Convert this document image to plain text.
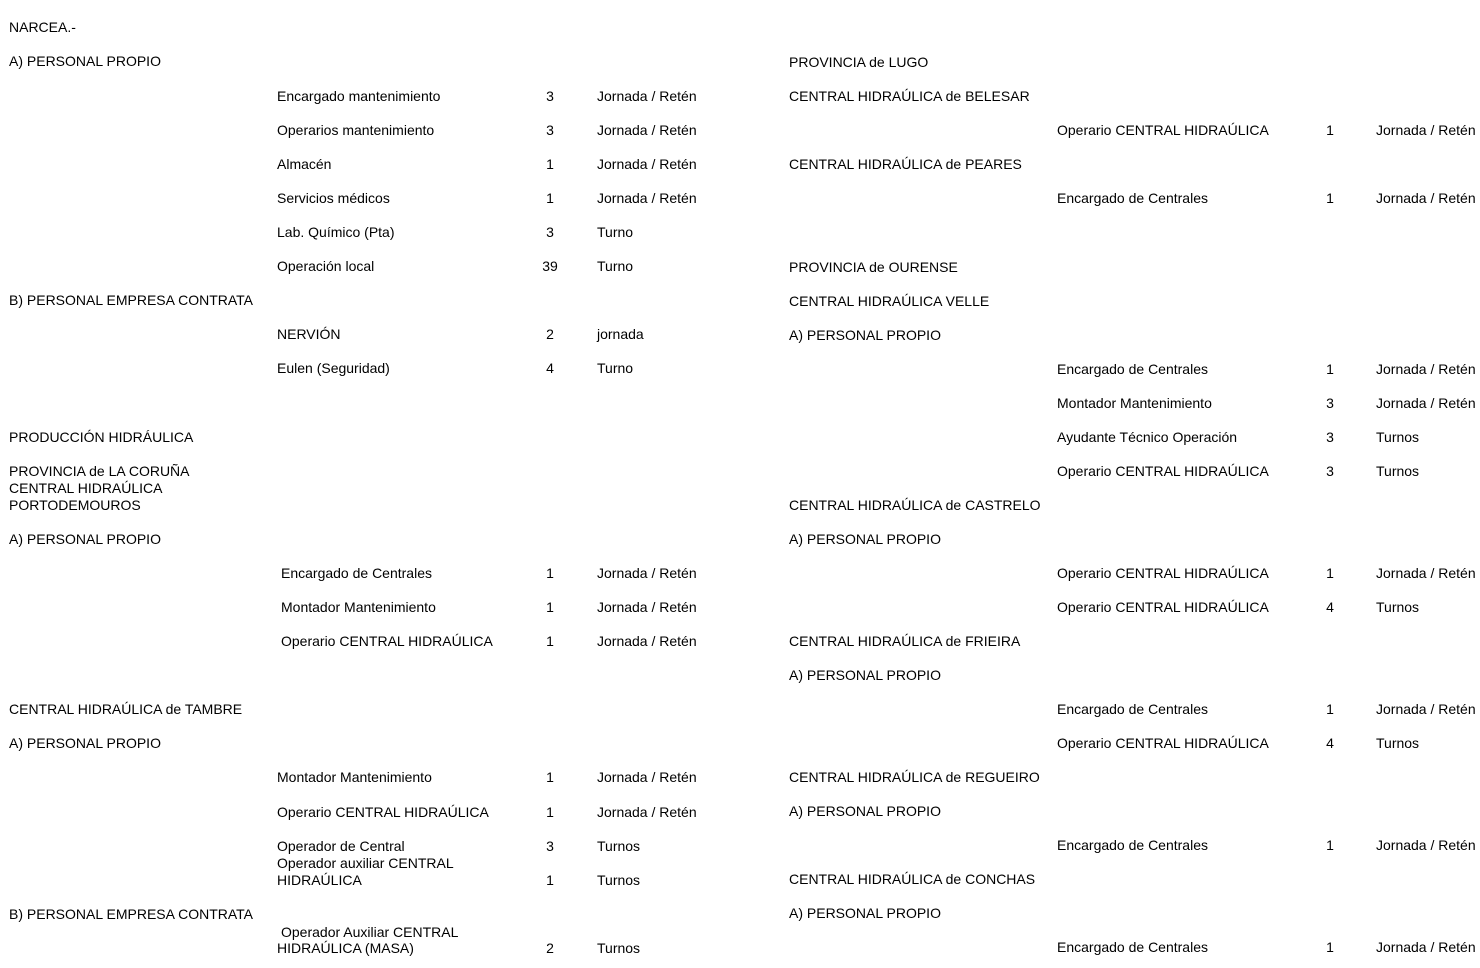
NARCEA.-
A) PERSONAL PROPIO
Encargado mantenimiento	3	Jornada / Retén
Operarios mantenimiento	3	Jornada / Retén
Almacén	1	Jornada / Retén
Servicios médicos	1	Jornada / Retén
Lab. Químico (Pta)	3	Turno
Operación local	39	Turno
B) PERSONAL EMPRESA CONTRATA
NERVIÓN	2	jornada
Eulen (Seguridad)	4	Turno
PRODUCCIÓN HIDRÁULICA
PROVINCIA de LA CORUÑA
CENTRAL HIDRAÚLICA
PORTODEMOUROS
A) PERSONAL PROPIO
Encargado de Centrales	1	Jornada / Retén
Montador Mantenimiento	1	Jornada / Retén
Operario CENTRAL HIDRAÚLICA	1	Jornada / Retén
CENTRAL HIDRAÚLICA de TAMBRE
A) PERSONAL PROPIO
Montador Mantenimiento	1	Jornada / Retén
Operario CENTRAL HIDRAÚLICA	1	Jornada / Retén
Operador de Central	3	Turnos
Operador auxiliar CENTRAL
HIDRAÚLICA	1	Turnos
B) PERSONAL EMPRESA CONTRATA
Operador Auxiliar CENTRAL
HIDRAÚLICA (MASA)	2	Turnos
PROVINCIA de LUGO
CENTRAL HIDRAÚLICA de BELESAR
Operario CENTRAL HIDRAÚLICA	1	Jornada / Retén
CENTRAL HIDRAÚLICA de PEARES
Encargado de Centrales	1	Jornada / Retén
PROVINCIA de OURENSE
CENTRAL HIDRAÚLICA VELLE
A) PERSONAL PROPIO
Encargado de Centrales	1	Jornada / Retén
Montador Mantenimiento	3	Jornada / Retén
Ayudante Técnico Operación	3	Turnos
Operario CENTRAL HIDRAÚLICA	3	Turnos
CENTRAL HIDRAÚLICA de CASTRELO
A) PERSONAL PROPIO
Operario CENTRAL HIDRAÚLICA	1	Jornada / Retén
Operario CENTRAL HIDRAÚLICA	4	Turnos
CENTRAL HIDRAÚLICA de FRIEIRA
A) PERSONAL PROPIO
Encargado de Centrales	1	Jornada / Retén
Operario CENTRAL HIDRAÚLICA	4	Turnos
CENTRAL HIDRAÚLICA de REGUEIRO
A) PERSONAL PROPIO
Encargado de Centrales	1	Jornada / Retén
CENTRAL HIDRAÚLICA de CONCHAS
A) PERSONAL PROPIO
Encargado de Centrales	1	Jornada / Retén
